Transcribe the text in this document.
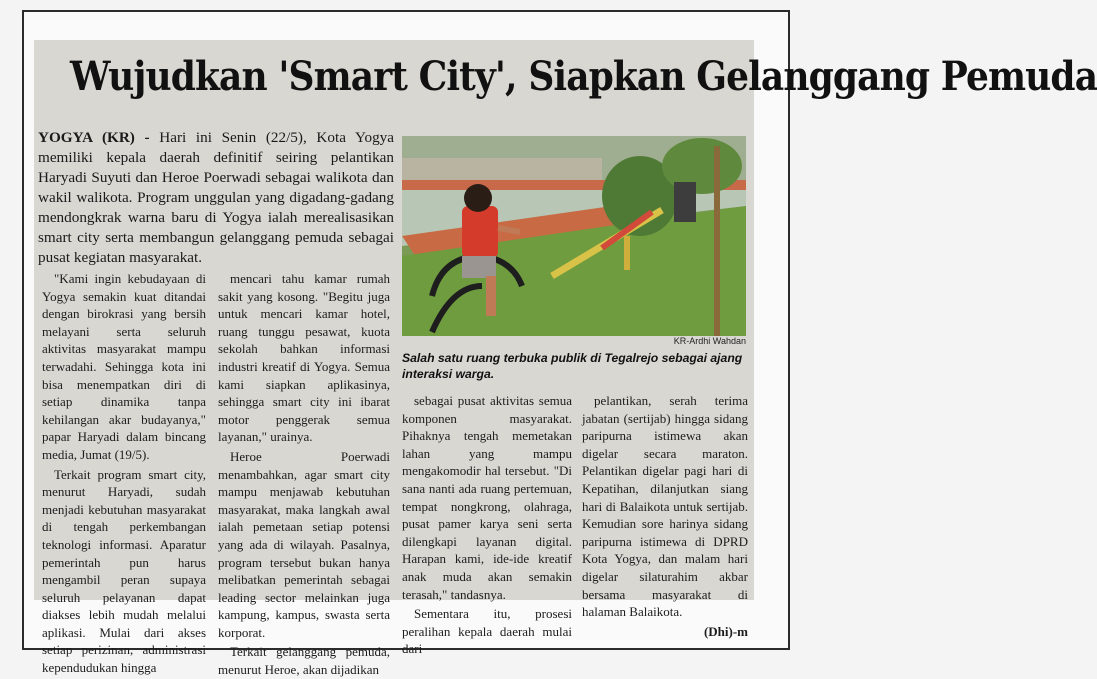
Wujudkan 'Smart City', Siapkan Gelanggang Pemuda
YOGYA (KR) - Hari ini Senin (22/5), Kota Yogya memiliki kepala daerah definitif seiring pelantikan Haryadi Suyuti dan Heroe Poerwadi sebagai walikota dan wakil walikota. Program unggulan yang digadang-gadang mendongkrak warna baru di Yogya ialah merealisasikan smart city serta membangun gelanggang pemuda sebagai pusat kegiatan masyarakat.

"Kami ingin kebudayaan di Yogya semakin kuat ditandai dengan birokrasi yang bersih melayani serta seluruh aktivitas masyarakat mampu terwadahi. Sehingga kota ini bisa menempatkan diri di setiap dinamika tanpa kehilangan akar budayanya," papar Haryadi dalam bincang media, Jumat (19/5).

Terkait program smart city, menurut Haryadi, sudah menjadi kebutuhan masyarakat di tengah perkembangan teknologi informasi. Aparatur pemerintah pun harus mengambil peran supaya seluruh pelayanan dapat diakses lebih mudah melalui aplikasi. Mulai dari akses setiap perizinan, administrasi kependudukan hingga

mencari tahu kamar rumah sakit yang kosong. "Begitu juga untuk mencari kamar hotel, ruang tunggu pesawat, kuota sekolah bahkan informasi industri kreatif di Yogya. Semua kami siapkan aplikasinya, sehingga smart city ini ibarat motor penggerak semua layanan," urainya.

Heroe Poerwadi menambahkan, agar smart city mampu menjawab kebutuhan masyarakat, maka langkah awal ialah pemetaan setiap potensi yang ada di wilayah. Pasalnya, program tersebut bukan hanya melibatkan pemerintah sebagai leading sector melainkan juga kampung, kampus, swasta serta korporat.

Terkait gelanggang pemuda, menurut Heroe, akan dijadikan

KR-Ardhi Wahdan
Salah satu ruang terbuka publik di Tegalrejo sebagai ajang interaksi warga.

sebagai pusat aktivitas semua komponen masyarakat. Pihaknya tengah memetakan lahan yang mampu mengakomodir hal tersebut. "Di sana nanti ada ruang pertemuan, tempat nongkrong, olahraga, pusat pamer karya seni serta dilengkapi layanan digital. Harapan kami, ide-ide kreatif anak muda akan semakin terasah," tandasnya.

Sementara itu, prosesi peralihan kepala daerah mulai dari

pelantikan, serah terima jabatan (sertijab) hingga sidang paripurna istimewa akan digelar secara maraton. Pelantikan digelar pagi hari di Kepatihan, dilanjutkan siang hari di Balaikota untuk sertijab. Kemudian sore harinya sidang paripurna istimewa di DPRD Kota Yogya, dan malam hari digelar silaturahim akbar bersama masyarakat di halaman Balaikota.

(Dhi)-m
